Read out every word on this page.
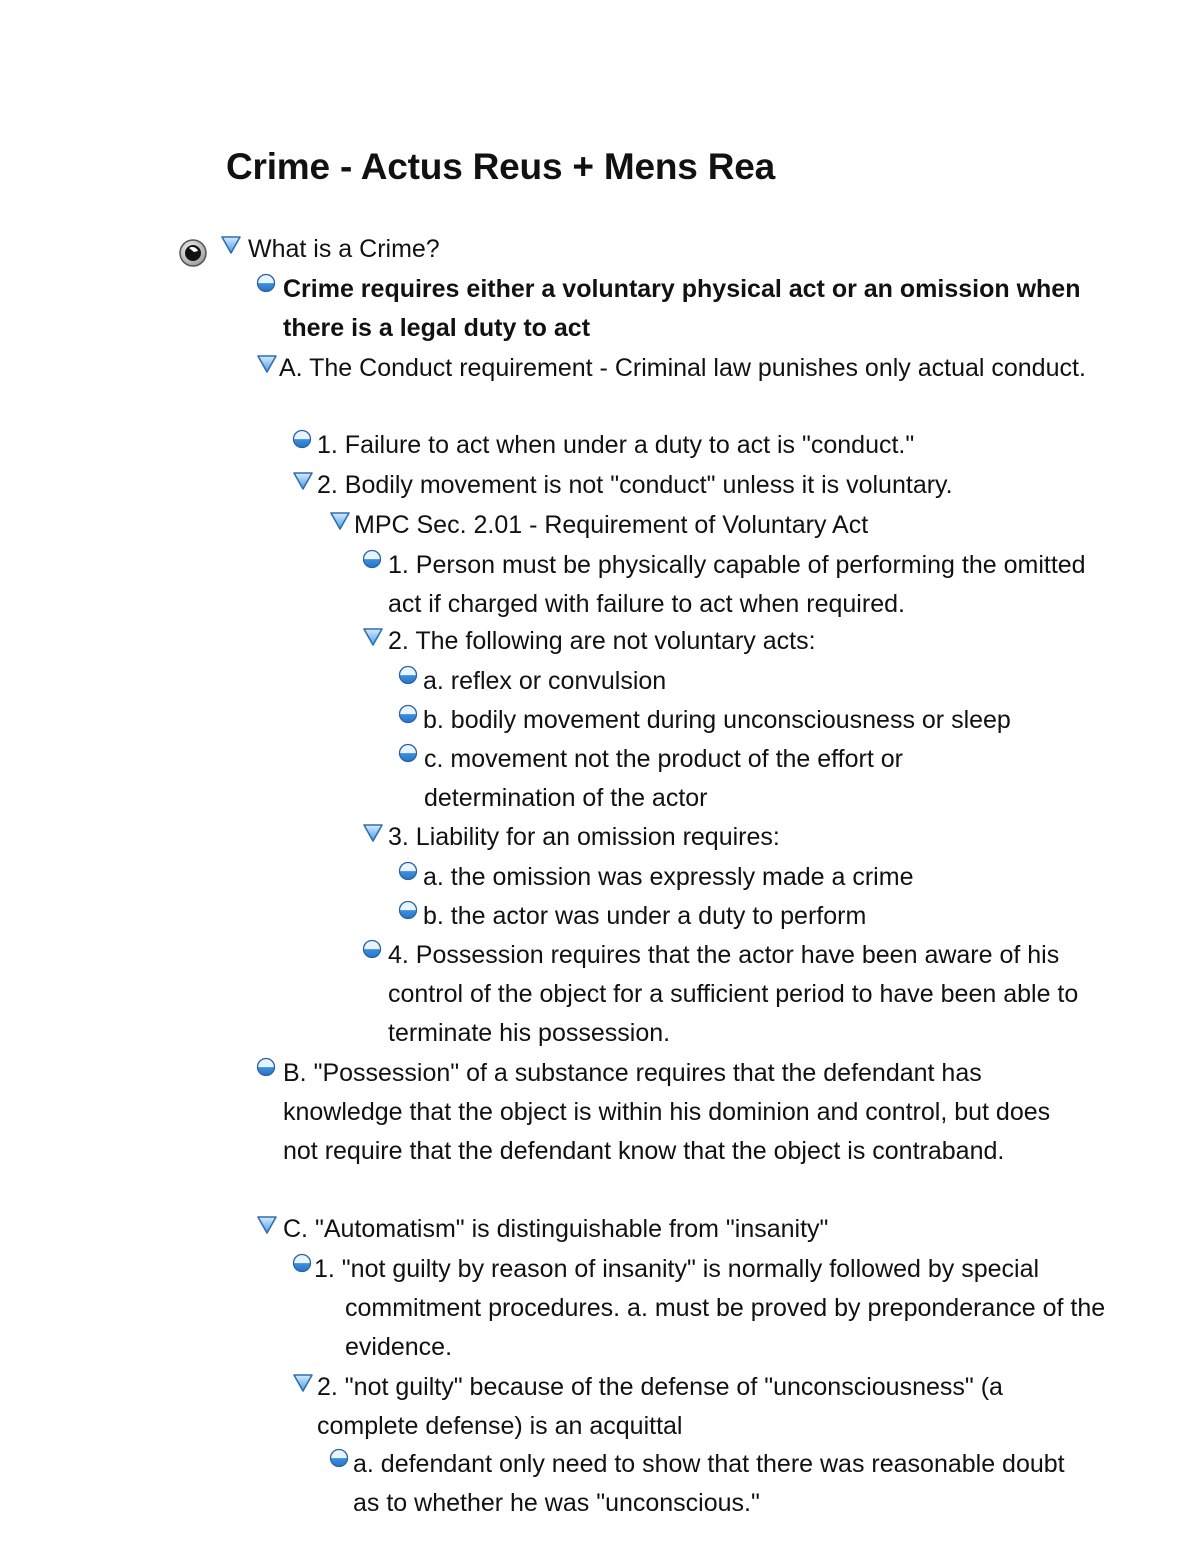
Crime - Actus Reus + Mens Rea
What is a Crime?
Crime requires either a voluntary physical act or an omission when there is a legal duty to act
A. The Conduct requirement - Criminal law punishes only actual conduct.
1. Failure to act when under a duty to act is "conduct."
2. Bodily movement is not "conduct" unless it is voluntary.
MPC Sec. 2.01 - Requirement of Voluntary Act
1. Person must be physically capable of performing the omitted act if charged with failure to act when required.
2. The following are not voluntary acts:
a. reflex or convulsion
b. bodily movement during unconsciousness or sleep
c. movement not the product of the effort or determination of the actor
3. Liability for an omission requires:
a. the omission was expressly made a crime
b. the actor was under a duty to perform
4. Possession requires that the actor have been aware of his control of the object for a sufficient period to have been able to terminate his possession.
B. "Possession" of a substance requires that the defendant has knowledge that the object is within his dominion and control, but does not require that the defendant know that the object is contraband.
C. "Automatism" is distinguishable from "insanity"
1. "not guilty by reason of insanity" is normally followed by special commitment procedures. a. must be proved by preponderance of the evidence.
2. "not guilty" because of the defense of "unconsciousness" (a complete defense) is an acquittal
a. defendant only need to show that there was reasonable doubt as to whether he was "unconscious."
